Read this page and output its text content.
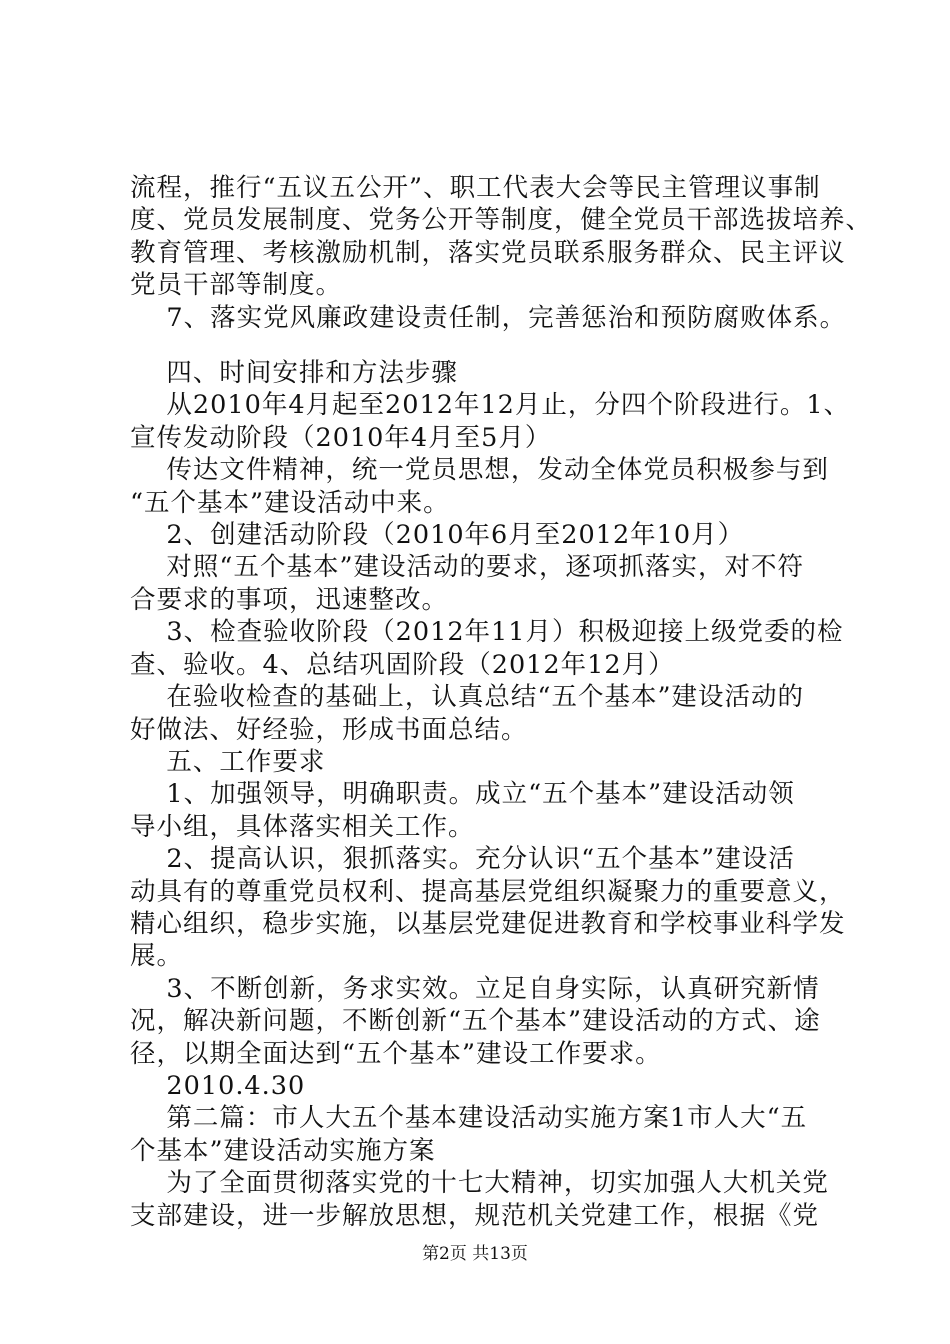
流程，推行“五议五公开”、职工代表大会等民主管理议事制
度、党员发展制度、党务公开等制度，健全党员干部选拔培养、
教育管理、考核激励机制，落实党员联系服务群众、民主评议
党员干部等制度。
7、落实党风廉政建设责任制，完善惩治和预防腐败体系。
四、时间安排和方法步骤
从2010年4月起至2012年12月止，分四个阶段进行。1、
宣传发动阶段（2010年4月至5月）
传达文件精神，统一党员思想，发动全体党员积极参与到
“五个基本”建设活动中来。
2、创建活动阶段（2010年6月至2012年10月）
对照“五个基本”建设活动的要求，逐项抓落实，对不符
合要求的事项，迅速整改。
3、检查验收阶段（2012年11月）积极迎接上级党委的检
查、验收。4、总结巩固阶段（2012年12月）
在验收检查的基础上，认真总结“五个基本”建设活动的
好做法、好经验，形成书面总结。
五、工作要求
1、加强领导，明确职责。成立“五个基本”建设活动领
导小组，具体落实相关工作。
2、提高认识，狠抓落实。充分认识“五个基本”建设活
动具有的尊重党员权利、提高基层党组织凝聚力的重要意义，
精心组织，稳步实施，以基层党建促进教育和学校事业科学发
展。
3、不断创新，务求实效。立足自身实际，认真研究新情
况，解决新问题，不断创新“五个基本”建设活动的方式、途
径，以期全面达到“五个基本”建设工作要求。
2010.4.30
第二篇：市人大五个基本建设活动实施方案1市人大“五
个基本”建设活动实施方案
为了全面贯彻落实党的十七大精神，切实加强人大机关党
支部建设，进一步解放思想，规范机关党建工作，根据《党
第2页 共13页
